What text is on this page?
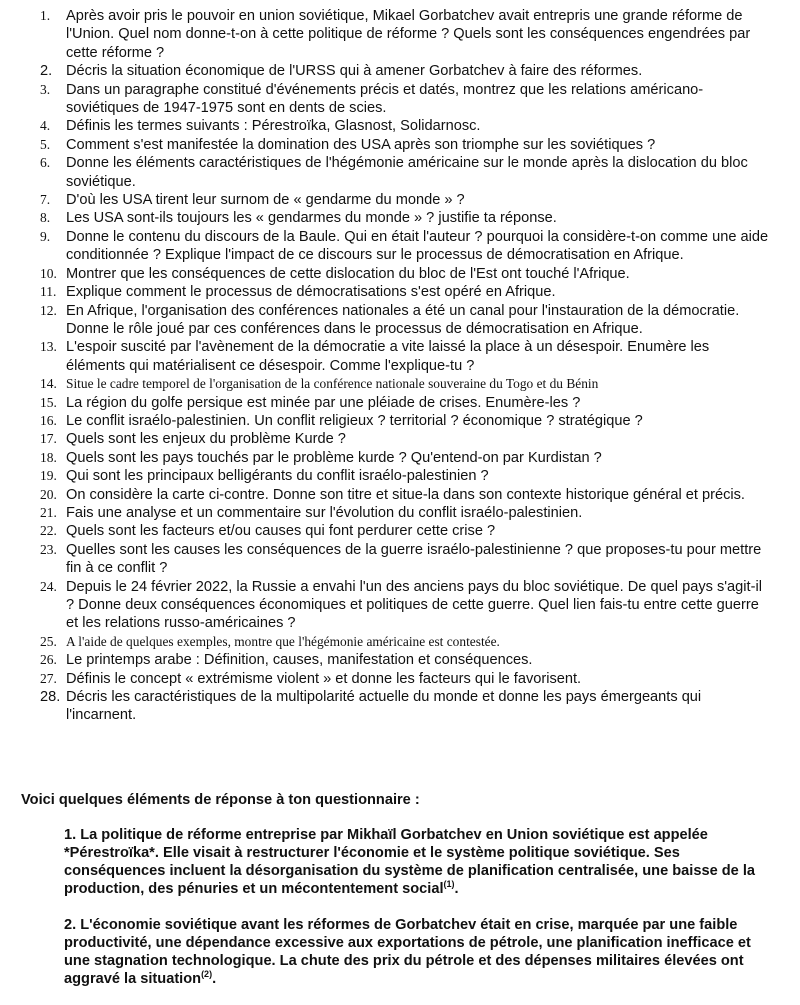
1.	Après avoir pris le pouvoir en union soviétique, Mikael Gorbatchev avait entrepris une grande réforme de l'Union. Quel nom donne-t-on à cette politique de réforme ? Quels sont les conséquences engendrées par cette réforme ?
2. Décris la situation économique de l'URSS qui à amener Gorbatchev à faire des réformes.
3.	Dans un paragraphe constitué d'événements précis et datés, montrez que les relations américano-soviétiques de 1947-1975 sont en dents de scies.
4.	Définis les termes suivants : Pérestroïka, Glasnost, Solidarnosc.
5.	Comment s'est manifestée la domination des USA après son triomphe sur les soviétiques ?
6.	Donne les éléments caractéristiques de l'hégémonie américaine sur le monde après la dislocation du bloc soviétique.
7.	D'où les USA tirent leur surnom de « gendarme du monde » ?
8.	Les USA sont-ils toujours les « gendarmes du monde » ? justifie ta réponse.
9.	Donne le contenu du discours de la Baule. Qui en était l'auteur ? pourquoi la considère-t-on comme une aide conditionnée ? Explique l'impact de ce discours sur le processus de démocratisation en Afrique.
10. Montrer que les conséquences de cette dislocation du bloc de l'Est ont touché l'Afrique.
11. Explique comment le processus de démocratisations s'est opéré en Afrique.
12. En Afrique, l'organisation des conférences nationales a été un canal pour l'instauration de la démocratie. Donne le rôle joué par ces conférences dans le processus de démocratisation en Afrique.
13. L'espoir suscité par l'avènement de la démocratie a vite laissé la place à un désespoir. Enumère les éléments qui matérialisent ce désespoir. Comme l'explique-tu ?
14. Situe le cadre temporel de l'organisation de la conférence nationale souveraine du Togo et du Bénin
15. La région du golfe persique est minée par une pléiade de crises. Enumère-les ?
16. Le conflit israélo-palestinien. Un conflit religieux ? territorial ? économique ? stratégique ?
17. Quels sont les enjeux du problème Kurde ?
18. Quels sont les pays touchés par le problème kurde ? Qu'entend-on par Kurdistan ?
19. Qui sont les principaux belligérants du conflit israélo-palestinien ?
20. On considère la carte ci-contre. Donne son titre et situe-la dans son contexte historique général et précis.
21. Fais une analyse et un commentaire sur l'évolution du conflit israélo-palestinien.
22. Quels sont les facteurs et/ou causes qui font perdurer cette crise ?
23. Quelles sont les causes les conséquences de la guerre israélo-palestinienne ? que proposes-tu pour mettre fin à ce conflit ?
24. Depuis le 24 février 2022, la Russie a envahi l'un des anciens pays du bloc soviétique. De quel pays s'agit-il ? Donne deux conséquences économiques et politiques de cette guerre. Quel lien fais-tu entre cette guerre et les relations russo-américaines ?
25. A l'aide de quelques exemples, montre que l'hégémonie américaine est contestée.
26. Le printemps arabe : Définition, causes, manifestation et conséquences.
27. Définis le concept « extrémisme violent » et donne les facteurs qui le favorisent.
28. Décris les caractéristiques de la multipolarité actuelle du monde et donne les pays émergeants qui l'incarnent.
Voici quelques éléments de réponse à ton questionnaire :
1. La politique de réforme entreprise par Mikhaïl Gorbatchev en Union soviétique est appelée *Pérestroïka*. Elle visait à restructurer l'économie et le système politique soviétique. Ses conséquences incluent la désorganisation du système de planification centralisée, une baisse de la production, des pénuries et un mécontentement social$^{(1)}$.
2. L'économie soviétique avant les réformes de Gorbatchev était en crise, marquée par une faible productivité, une dépendance excessive aux exportations de pétrole, une planification inefficace et une stagnation technologique. La chute des prix du pétrole et des dépenses militaires élevées ont aggravé la situation$^{(2)}$.
